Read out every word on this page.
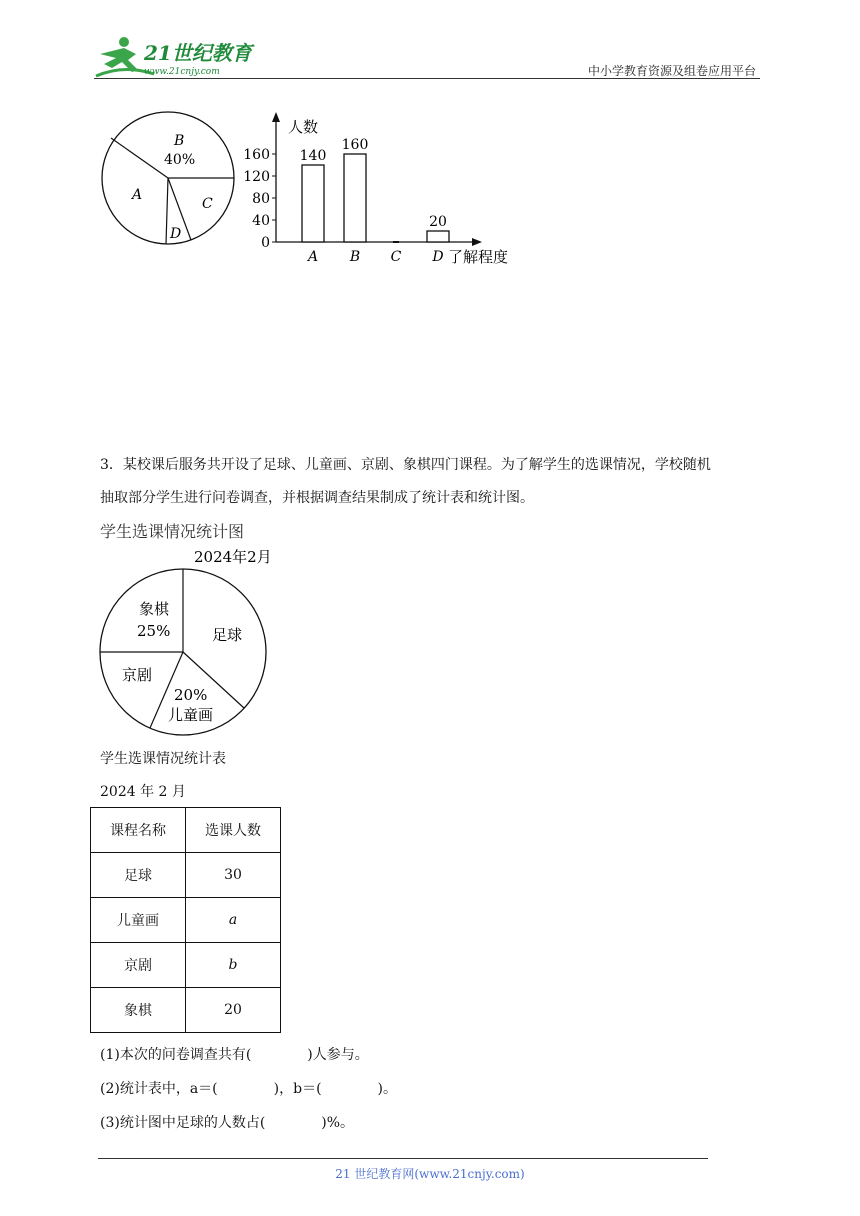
21世纪教育
www.21cnjy.com	中小学教育资源及组卷应用平台
B
40%
A
C
D
人数
了解程度
0
40
80
120
160 140
A
160
B C
20
D
3．某校课后服务共开设了足球、儿童画、京剧、象棋四门课程。为了解学生的选课情况，学校随机
抽取部分学生进行问卷调查，并根据调查结果制成了统计表和统计图。
学生选课情况统计图
2024年2月
象棋
25%	足球
京剧
20%
儿童画
学生选课情况统计表
2024 年 2 月
课程名称	选课人数
足球	30
儿童画	a
京剧	b
象棋	20
(1)本次的问卷调查共有(　　　　)人参与。
(2)统计表中，a＝(　　　　)，b＝(　　　　)。
(3)统计图中足球的人数占(　　　　)%。
21 世纪教育网(www.21cnjy.com)
